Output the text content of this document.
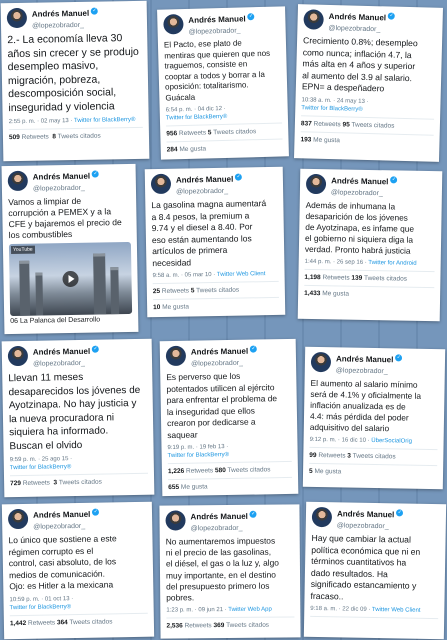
Andrés Manuel ✓
@lopezobrador_
2.- La economía lleva 30
años sin crecer y se produjo
desempleo masivo,
migración, pobreza,
descomposición social,
inseguridad y violencia
2:55 p. m. · 02 may 13 · Twitter for BlackBerry®
509 Retweets 8 Tweets citados
Andrés Manuel ✓
@lopezobrador_
El Pacto, ese plato de
mentiras que quieren que nos
traguemos, consiste en
cooptar a todos y borrar a la
oposición: totalitarismo.
Guácala
6:54 p. m. · 04 dic 12 ·
Twitter for BlackBerry®
956 Retweets 5 Tweets citados
284 Me gusta
Andrés Manuel ✓
@lopezobrador_
Crecimiento 0.8%; desempleo
como nunca; inflación 4.7, la
más alta en 4 años y superior
al aumento del 3.9 al salario.
EPN= a despeñadero
10:38 a. m. · 24 may 13 ·
Twitter for BlackBerry®
837 Retweets 95 Tweets citados
193 Me gusta
Andrés Manuel ✓
@lopezobrador_
Vamos a limpiar de
corrupción a PEMEX y a la
CFE y bajaremos el precio de
los combustibles
YouTube
06 La Palanca del Desarrollo
Andrés Manuel ✓
@lopezobrador_
La gasolina magna aumentará
a 8.4 pesos, la premium a
9.74 y el diesel a 8.40. Por
eso están aumentando los
artículos de primera
necesidad
9:58 a. m. · 05 mar 10 · Twitter Web Client
25 Retweets 5 Tweets citados
10 Me gusta
Andrés Manuel ✓
@lopezobrador_
Además de inhumana la
desaparición de los jóvenes
de Ayotzinapa, es infame que
el gobierno ni siquiera diga la
verdad. Pronto habrá justicia
1:44 p. m. · 26 sep 16 · Twitter for Android
1,198 Retweets 139 Tweets citados
1,433 Me gusta
Andrés Manuel ✓
@lopezobrador_
Llevan 11 meses
desaparecidos los jóvenes de
Ayotzinapa. No hay justicia y
la nueva procuradora ni
siquiera ha informado.
Buscan el olvido
9:59 p. m. · 25 ago 15 ·
Twitter for BlackBerry®
729 Retweets 3 Tweets citados
Andrés Manuel ✓
@lopezobrador_
Es perverso que los
potentados utilicen al ejército
para enfrentar el problema de
la inseguridad que ellos
crearon por dedicarse a
saquear
9:19 p. m. · 19 feb 13 ·
Twitter for BlackBerry®
1,226 Retweets 580 Tweets citados
655 Me gusta
Andrés Manuel ✓
@lopezobrador_
El aumento al salario mínimo
será de 4.1% y oficialmente la
inflación anualizada es de
4.4: más pérdida del poder
adquisitivo del salario
9:12 p. m. · 16 dic 10 · ÜberSocialOrig
99 Retweets 3 Tweets citados
5 Me gusta
Andrés Manuel ✓
@lopezobrador_
Lo único que sostiene a este
régimen corrupto es el
control, casi absoluto, de los
medios de comunicación.
Ojo: es Hitler a la mexicana
10:59 p. m. · 01 oct 13 ·
Twitter for BlackBerry®
1,442 Retweets 364 Tweets citados
Andrés Manuel ✓
@lopezobrador_
No aumentaremos impuestos
ni el precio de las gasolinas,
el diésel, el gas o la luz y, algo
muy importante, en el destino
del presupuesto primero los
pobres.
1:23 p. m. · 09 jun 21 · Twitter Web App
2,536 Retweets 369 Tweets citados
Andrés Manuel ✓
@lopezobrador_
Hay que cambiar la actual
política económica que ni en
términos cuantitativos ha
dado resultados. Ha
significado estancamiento y
fracaso..
9:18 a. m. · 22 dic 09 · Twitter Web Client
